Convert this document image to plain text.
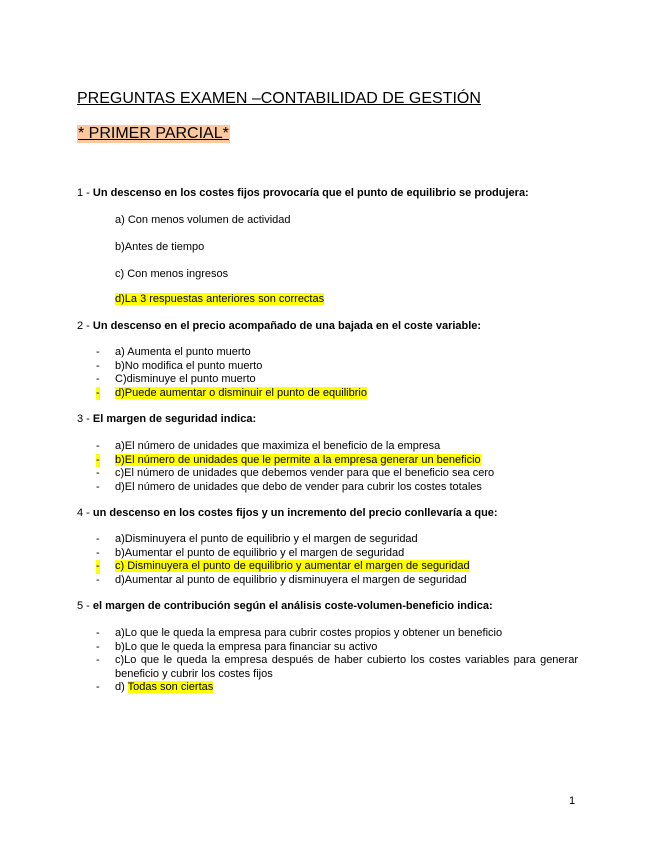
PREGUNTAS EXAMEN –CONTABILIDAD DE GESTIÓN
* PRIMER PARCIAL*
1 - Un descenso en los costes fijos provocaría que el punto de equilibrio se produjera:
a) Con menos volumen de actividad
b)Antes de tiempo
c) Con menos ingresos
d)La 3 respuestas anteriores son correctas
2 - Un descenso en el precio acompañado de una bajada en el coste variable:
- a) Aumenta el punto muerto
- b)No modifica el punto muerto
- C)disminuye el punto muerto
- d)Puede aumentar o disminuir el punto de equilibrio
3 - El margen de seguridad indica:
- a)El número de unidades que maximiza el beneficio de la empresa
- b)El número de unidades que le permite a la empresa generar un beneficio
- c)El número de unidades que debemos vender para que el beneficio sea cero
- d)El número de unidades que debo de vender para cubrir los costes totales
4 - un descenso en los costes fijos y un incremento del precio conllevaría a que:
- a)Disminuyera el punto de equilibrio y el margen de seguridad
- b)Aumentar el punto de equilibrio y el margen de seguridad
- c) Disminuyera el punto de equilibrio y aumentar el margen de seguridad
- d)Aumentar al punto de equilibrio y disminuyera el margen de seguridad
5 - el margen de contribución según el análisis coste-volumen-beneficio indica:
- a)Lo que le queda la empresa para cubrir costes propios y obtener un beneficio
- b)Lo que le queda la empresa para financiar su activo
- c)Lo que le queda la empresa después de haber cubierto los costes variables para generar beneficio y cubrir los costes fijos
- d) Todas son ciertas
1
